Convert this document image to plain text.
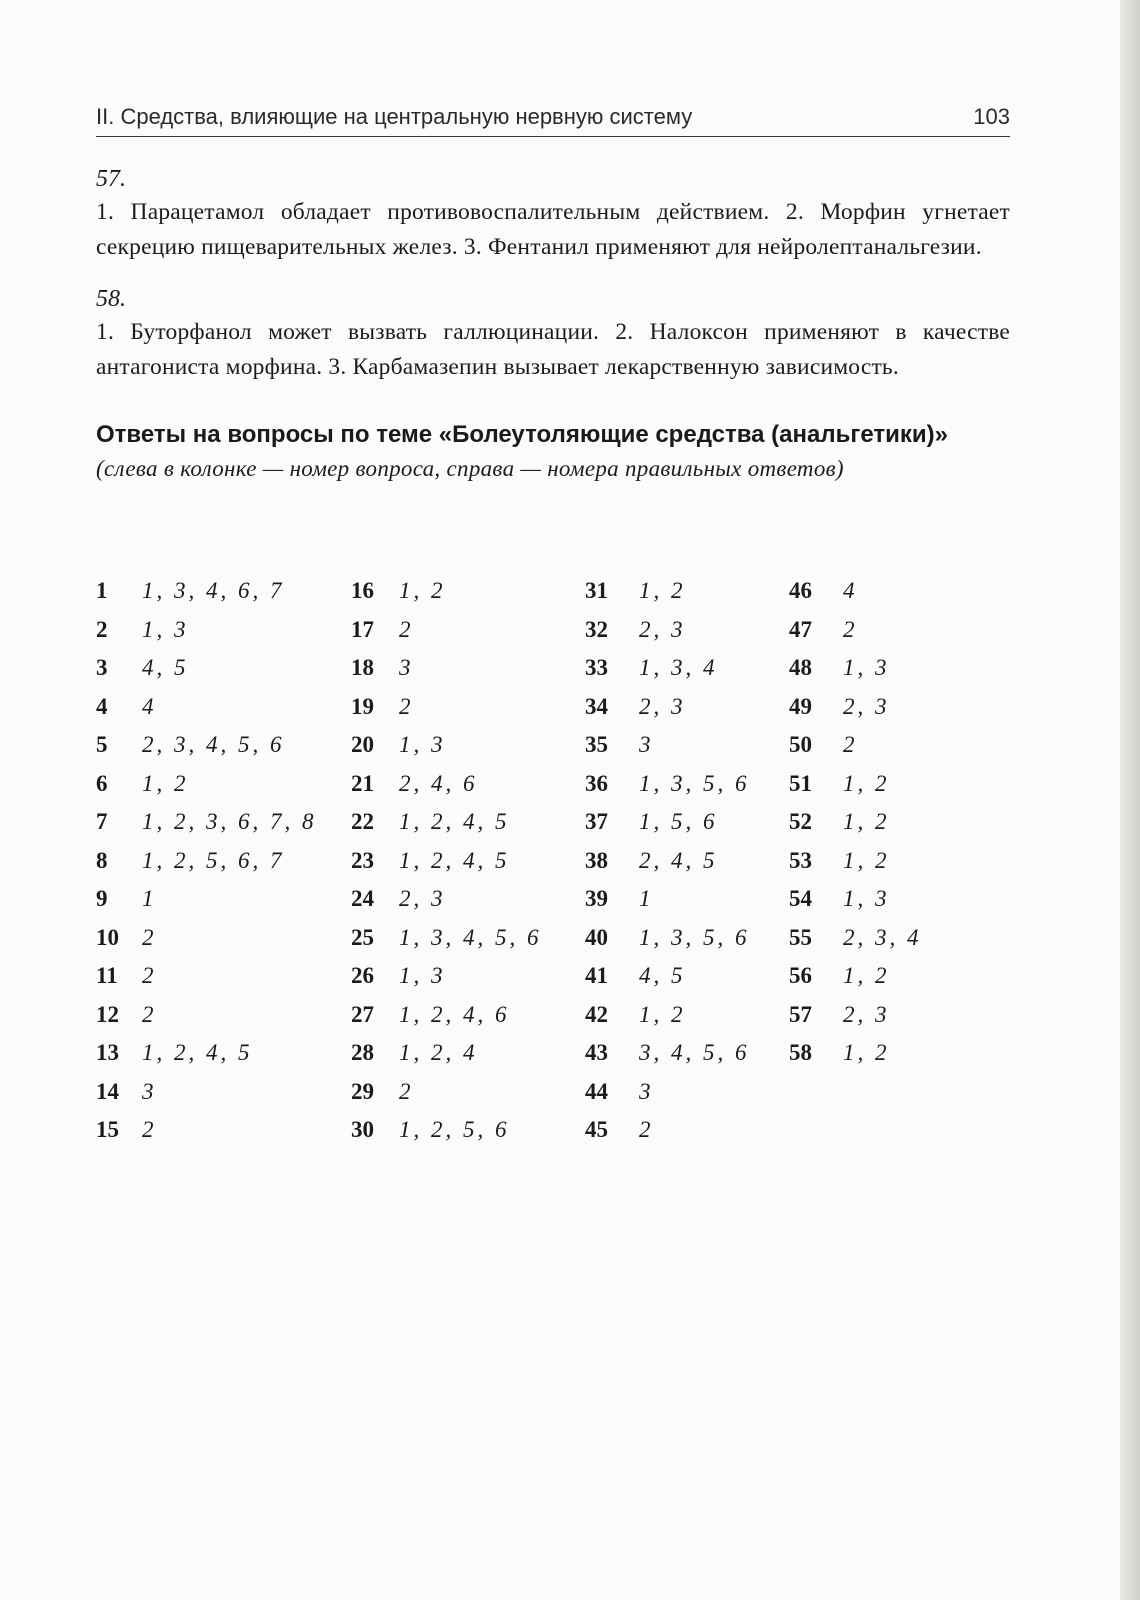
II. Средства, влияющие на центральную нервную систему	103

57.

1. Парацетамол обладает противовоспалительным действием. 2. Морфин угнетает секрецию пищеварительных желез. 3. Фентанил применяют для нейролептанальгезии.

58.

1. Буторфанол может вызвать галлюцинации. 2. Налоксон применяют в качестве антагониста морфина. 3. Карбамазепин вызывает лекарственную зависимость.

Ответы на вопросы по теме «Болеутоляющие средства (анальгетики)»

(слева в колонке — номер вопроса, справа — номера правильных ответов)

1	1, 3, 4, 6, 7
2	1, 3
3	4, 5
4	4
5	2, 3, 4, 5, 6
6	1, 2
7	1, 2, 3, 6, 7, 8
8	1, 2, 5, 6, 7
9	1
10	2
11	2
12	2
13	1, 2, 4, 5
14	3
15	2
16	1, 2
17	2
18	3
19	2
20	1, 3
21	2, 4, 6
22	1, 2, 4, 5
23	1, 2, 4, 5
24	2, 3
25	1, 3, 4, 5, 6
26	1, 3
27	1, 2, 4, 6
28	1, 2, 4
29	2
30	1, 2, 5, 6
31	1, 2
32	2, 3
33	1, 3, 4
34	2, 3
35	3
36	1, 3, 5, 6
37	1, 5, 6
38	2, 4, 5
39	1
40	1, 3, 5, 6
41	4, 5
42	1, 2
43	3, 4, 5, 6
44	3
45	2
46	4
47	2
48	1, 3
49	2, 3
50	2
51	1, 2
52	1, 2
53	1, 2
54	1, 3
55	2, 3, 4
56	1, 2
57	2, 3
58	1, 2
